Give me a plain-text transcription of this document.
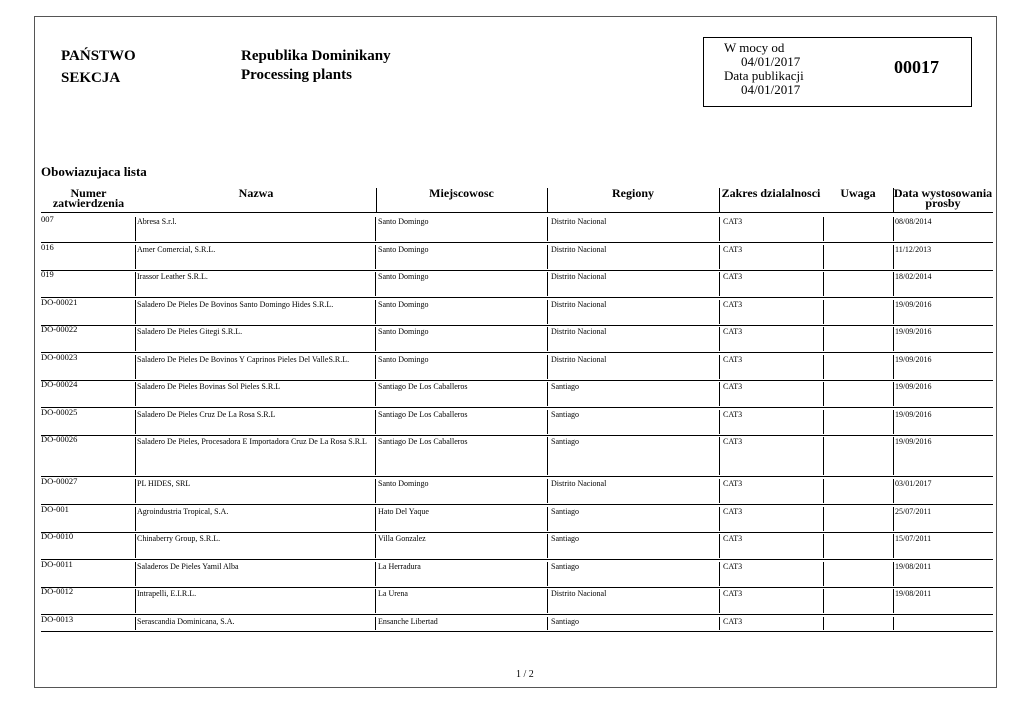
PAŃSTWO
SEKCJA
Republika Dominikany
Processing plants
W mocy od
04/01/2017
Data publikacji
04/01/2017
00017
Obowiazujaca lista
Numer zatwierdzenia
Nazwa	Miejscowosc	Regiony	Zakres dzialalnosci	Uwaga	Data wystosowania prosby
007	Abresa S.r.l.	Santo Domingo	Distrito Nacional	CAT3	08/08/2014
016	Amer Comercial, S.R.L.	Santo Domingo	Distrito Nacional	CAT3	11/12/2013
019	Irassor Leather S.R.L.	Santo Domingo	Distrito Nacional	CAT3	18/02/2014
DO-00021	Saladero De Pieles De Bovinos Santo Domingo Hides S.R.L.	Santo Domingo	Distrito Nacional	CAT3	19/09/2016
DO-00022	Saladero De Pieles Gitegi S.R.L.	Santo Domingo	Distrito Nacional	CAT3	19/09/2016
DO-00023	Saladero De Pieles De Bovinos Y Caprinos Pieles Del ValleS.R.L.	Santo Domingo	Distrito Nacional	CAT3	19/09/2016
DO-00024	Saladero De Pieles Bovinas Sol Pieles S.R.L	Santiago De Los Caballeros	Santiago	CAT3	19/09/2016
DO-00025	Saladero De Pieles Cruz De La Rosa S.R.L	Santiago De Los Caballeros	Santiago	CAT3	19/09/2016
DO-00026	Saladero De Pieles, Procesadora E Importadora Cruz De La Rosa S.R.L	Santiago De Los Caballeros	Santiago	CAT3	19/09/2016
DO-00027	PL HIDES, SRL	Santo Domingo	Distrito Nacional	CAT3	03/01/2017
DO-001	Agroindustria Tropical, S.A.	Hato Del Yaque	Santiago	CAT3	25/07/2011
DO-0010	Chinaberry Group, S.R.L.	Villa Gonzalez	Santiago	CAT3	15/07/2011
DO-0011	Saladeros De Pieles Yamil Alba	La Herradura	Santiago	CAT3	19/08/2011
DO-0012	Intrapelli, E.I.R.L.	La Urena	Distrito Nacional	CAT3	19/08/2011
DO-0013	Serascandia Dominicana, S.A.	Ensanche Libertad	Santiago	CAT3
1 / 2
